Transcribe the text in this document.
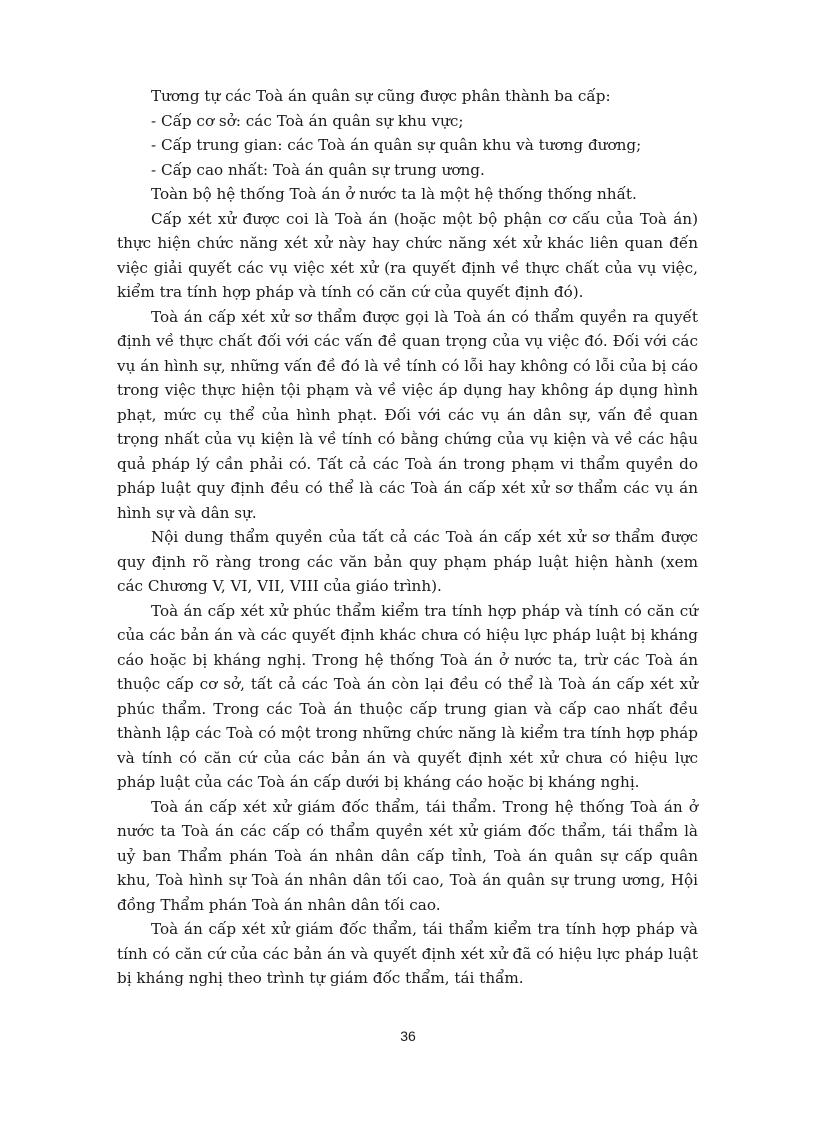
Tương tự các Toà án quân sự cũng được phân thành ba cấp:

- Cấp cơ sở: các Toà án quân sự khu vực;

- Cấp trung gian: các Toà án quân sự quân khu và tương đương;

- Cấp cao nhất: Toà án quân sự trung ương.

Toàn bộ hệ thống Toà án ở nước ta là một hệ thống thống nhất.

Cấp xét xử được coi là Toà án (hoặc một bộ phận cơ cấu của Toà án) thực hiện chức năng xét xử này hay chức năng xét xử khác liên quan đến việc giải quyết các vụ việc xét xử (ra quyết định về thực chất của vụ việc, kiểm tra tính hợp pháp và tính có căn cứ của quyết định đó).

Toà án cấp xét xử sơ thẩm được gọi là Toà án có thẩm quyền ra quyết định về thực chất đối với các vấn đề quan trọng của vụ việc đó. Đối với các vụ án hình sự, những vấn đề đó là về tính có lỗi hay không có lỗi của bị cáo trong việc thực hiện tội phạm và về việc áp dụng hay không áp dụng hình phạt, mức cụ thể của hình phạt. Đối với các vụ án dân sự, vấn đề quan trọng nhất của vụ kiện là về tính có bằng chứng của vụ kiện và về các hậu quả pháp lý cần phải có. Tất cả các Toà án trong phạm vi thẩm quyền do pháp luật quy định đều có thể là các Toà án cấp xét xử sơ thẩm các vụ án hình sự và dân sự.

Nội dung thẩm quyền của tất cả các Toà án cấp xét xử sơ thẩm được quy định rõ ràng trong các văn bản quy phạm pháp luật hiện hành (xem các Chương V, VI, VII, VIII của giáo trình).

Toà án cấp xét xử phúc thẩm kiểm tra tính hợp pháp và tính có căn cứ của các bản án và các quyết định khác chưa có hiệu lực pháp luật bị kháng cáo hoặc bị kháng nghị. Trong hệ thống Toà án ở nước ta, trừ các Toà án thuộc cấp cơ sở, tất cả các Toà án còn lại đều có thể là Toà án cấp xét xử phúc thẩm. Trong các Toà án thuộc cấp trung gian và cấp cao nhất đều thành lập các Toà có một trong những chức năng là kiểm tra tính hợp pháp và tính có căn cứ của các bản án và quyết định xét xử chưa có hiệu lực pháp luật của các Toà án cấp dưới bị kháng cáo hoặc bị kháng nghị.

Toà án cấp xét xử giám đốc thẩm, tái thẩm. Trong hệ thống Toà án ở nước ta Toà án các cấp có thẩm quyền xét xử giám đốc thẩm, tái thẩm là uỷ ban Thẩm phán Toà án nhân dân cấp tỉnh, Toà án quân sự cấp quân khu, Toà hình sự Toà án nhân dân tối cao, Toà án quân sự trung ương, Hội đồng Thẩm phán Toà án nhân dân tối cao.

Toà án cấp xét xử giám đốc thẩm, tái thẩm kiểm tra tính hợp pháp và tính có căn cứ của các bản án và quyết định xét xử đã có hiệu lực pháp luật bị kháng nghị theo trình tự giám đốc thẩm, tái thẩm.

36
